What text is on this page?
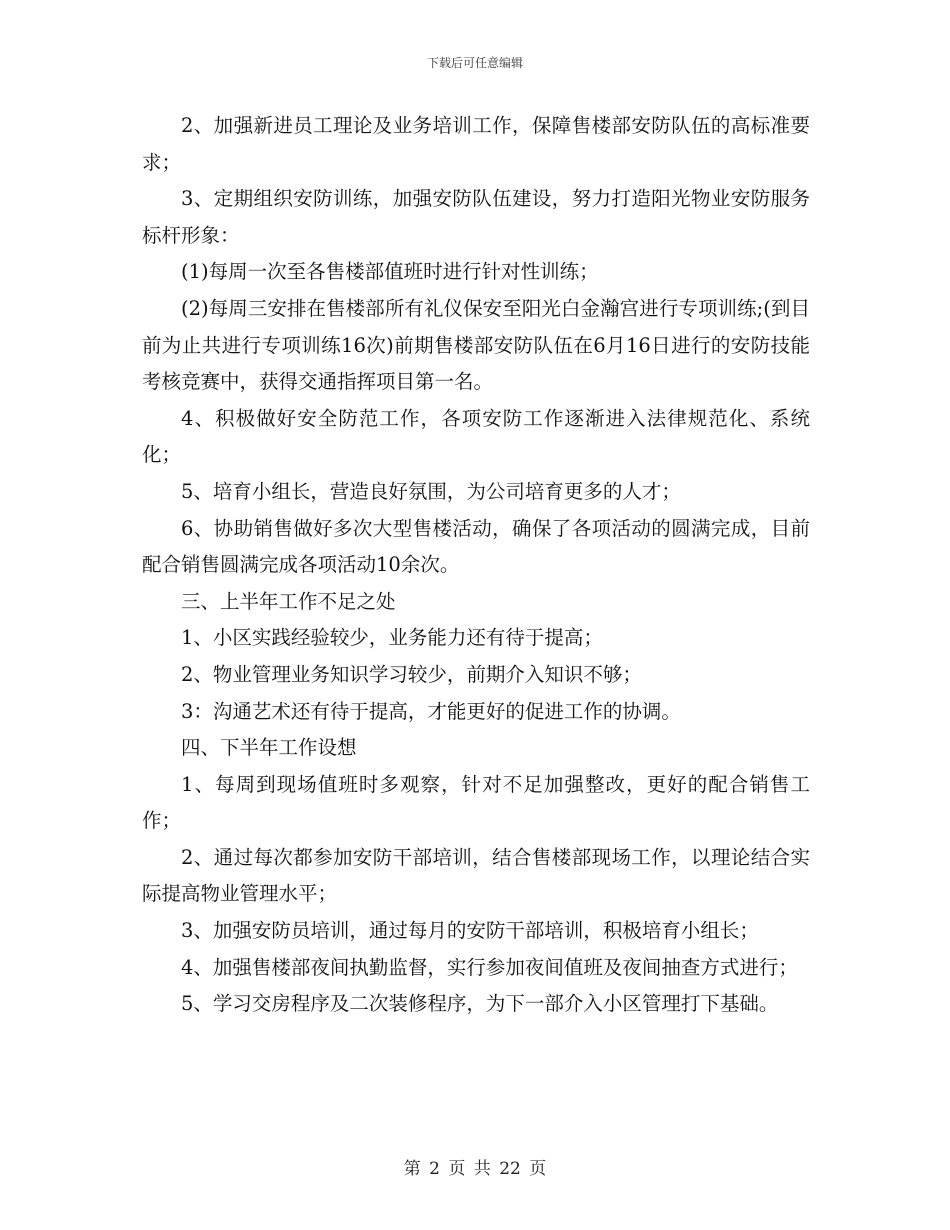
下载后可任意编辑

2、加强新进员工理论及业务培训工作，保障售楼部安防队伍的高标准要求；

3、定期组织安防训练，加强安防队伍建设，努力打造阳光物业安防服务标杆形象：

(1)每周一次至各售楼部值班时进行针对性训练；

(2)每周三安排在售楼部所有礼仪保安至阳光白金瀚宫进行专项训练;(到目前为止共进行专项训练16次)前期售楼部安防队伍在6月16日进行的安防技能考核竞赛中，获得交通指挥项目第一名。

4、积极做好安全防范工作，各项安防工作逐渐进入法律规范化、系统化；

5、培育小组长，营造良好氛围，为公司培育更多的人才；

6、协助销售做好多次大型售楼活动，确保了各项活动的圆满完成，目前配合销售圆满完成各项活动10余次。

三、上半年工作不足之处

1、小区实践经验较少，业务能力还有待于提高；

2、物业管理业务知识学习较少，前期介入知识不够；

3：沟通艺术还有待于提高，才能更好的促进工作的协调。

四、下半年工作设想

1、每周到现场值班时多观察，针对不足加强整改，更好的配合销售工作；

2、通过每次都参加安防干部培训，结合售楼部现场工作，以理论结合实际提高物业管理水平；

3、加强安防员培训，通过每月的安防干部培训，积极培育小组长；

4、加强售楼部夜间执勤监督，实行参加夜间值班及夜间抽查方式进行；

5、学习交房程序及二次装修程序，为下一部介入小区管理打下基础。

第 2 页 共 22 页
